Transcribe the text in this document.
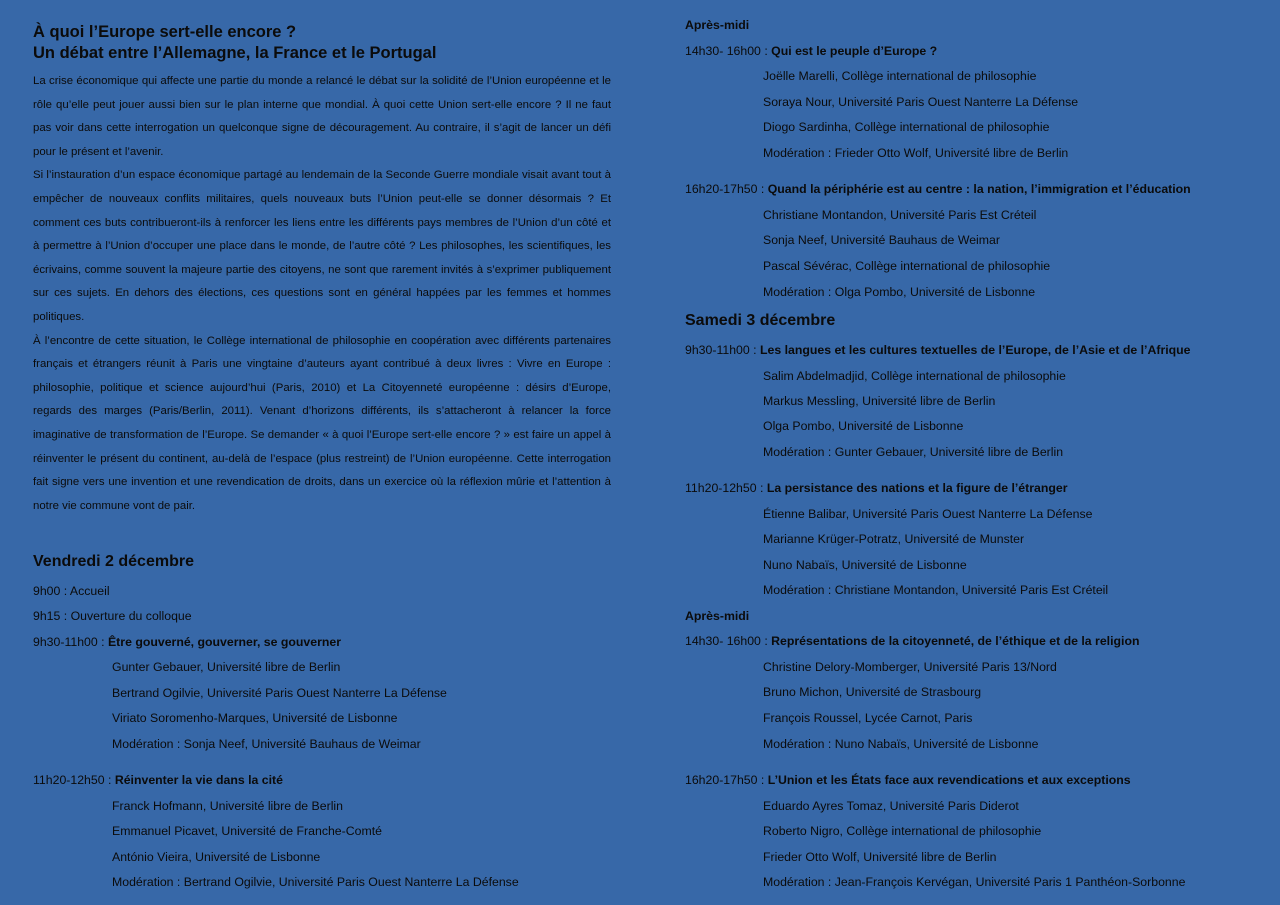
À quoi l’Europe sert-elle encore ?
Un débat entre l’Allemagne, la France et le Portugal

La crise économique qui affecte une partie du monde a relancé le débat sur la solidité de l’Union européenne et le rôle qu’elle peut jouer aussi bien sur le plan interne que mondial. À quoi cette Union sert-elle encore ? Il ne faut pas voir dans cette interrogation un quelconque signe de découragement. Au contraire, il s’agit de lancer un défi pour le présent et l’avenir.

Si l’instauration d’un espace économique partagé au lendemain de la Seconde Guerre mondiale visait avant tout à empêcher de nouveaux conflits militaires, quels nouveaux buts l’Union peut-elle se donner désormais ? Et comment ces buts contribueront-ils à renforcer les liens entre les différents pays membres de l’Union d’un côté et à permettre à l’Union d’occuper une place dans le monde, de l’autre côté ? Les philosophes, les scientifiques, les écrivains, comme souvent la majeure partie des citoyens, ne sont que rarement invités à s’exprimer publiquement sur ces sujets. En dehors des élections, ces questions sont en général happées par les femmes et hommes politiques.

À l’encontre de cette situation, le Collège international de philosophie en coopération avec différents partenaires français et étrangers réunit à Paris une vingtaine d’auteurs ayant contribué à deux livres : Vivre en Europe : philosophie, politique et science aujourd’hui (Paris, 2010) et La Citoyenneté européenne : désirs d’Europe, regards des marges (Paris/Berlin, 2011). Venant d’horizons différents, ils s’attacheront à relancer la force imaginative de transformation de l’Europe. Se demander « à quoi l’Europe sert-elle encore ? » est faire un appel à réinventer le présent du continent, au-delà de l’espace (plus restreint) de l’Union européenne. Cette interrogation fait signe vers une invention et une revendication de droits, dans un exercice où la réflexion mûrie et l’attention à notre vie commune vont de pair.

Vendredi 2 décembre
9h00 : Accueil
9h15 : Ouverture du colloque
9h30-11h00 : Être gouverné, gouverner, se gouverner
Gunter Gebauer, Université libre de Berlin
Bertrand Ogilvie, Université Paris Ouest Nanterre La Défense
Viriato Soromenho-Marques, Université de Lisbonne
Modération : Sonja Neef, Université Bauhaus de Weimar
11h20-12h50 : Réinventer la vie dans la cité
Franck Hofmann, Université libre de Berlin
Emmanuel Picavet, Université de Franche-Comté
António Vieira, Université de Lisbonne
Modération : Bertrand Ogilvie, Université Paris Ouest Nanterre La Défense
Après-midi
14h30- 16h00 : Qui est le peuple d’Europe ?
Joëlle Marelli, Collège international de philosophie
Soraya Nour, Université Paris Ouest Nanterre La Défense
Diogo Sardinha, Collège international de philosophie
Modération : Frieder Otto Wolf, Université libre de Berlin
16h20-17h50 : Quand la périphérie est au centre : la nation, l’immigration et l’éducation
Christiane Montandon, Université Paris Est Créteil
Sonja Neef, Université Bauhaus de Weimar
Pascal Sévérac, Collège international de philosophie
Modération : Olga Pombo, Université de Lisbonne
Samedi 3 décembre
9h30-11h00 : Les langues et les cultures textuelles de l’Europe, de l’Asie et de l’Afrique
Salim Abdelmadjid, Collège international de philosophie
Markus Messling, Université libre de Berlin
Olga Pombo, Université de Lisbonne
Modération : Gunter Gebauer, Université libre de Berlin
11h20-12h50 : La persistance des nations et la figure de l’étranger
Étienne Balibar, Université Paris Ouest Nanterre La Défense
Marianne Krüger-Potratz, Université de Munster
Nuno Nabaïs, Université de Lisbonne
Modération : Christiane Montandon, Université Paris Est Créteil
Après-midi
14h30- 16h00 : Représentations de la citoyenneté, de l’éthique et de la religion
Christine Delory-Momberger, Université Paris 13/Nord
Bruno Michon, Université de Strasbourg
François Roussel, Lycée Carnot, Paris
Modération : Nuno Nabaïs, Université de Lisbonne
16h20-17h50 : L’Union et les États face aux revendications et aux exceptions
Eduardo Ayres Tomaz, Université Paris Diderot
Roberto Nigro, Collège international de philosophie
Frieder Otto Wolf, Université libre de Berlin
Modération : Jean-François Kervégan, Université Paris 1 Panthéon-Sorbonne
